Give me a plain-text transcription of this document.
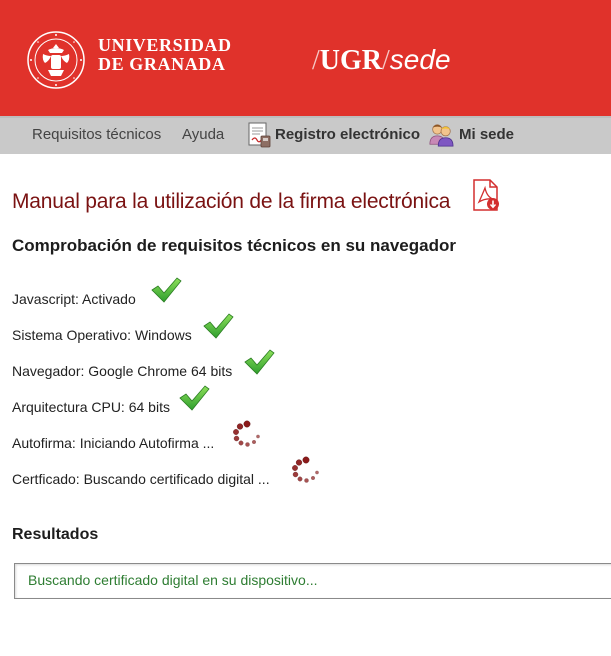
UNIVERSIDAD
DE GRANADA	/UGR/sede
Requisitos técnicos Ayuda	Registro electrónico	Mi sede
Manual para la utilización de la firma electrónica
Comprobación de requisitos técnicos en su navegador
Javascript: Activado
Sistema Operativo: Windows
Navegador: Google Chrome 64 bits
Arquitectura CPU: 64 bits
Autofirma: Iniciando Autofirma ...
Certficado: Buscando certificado digital ...
Resultados
Buscando certificado digital en su dispositivo...
